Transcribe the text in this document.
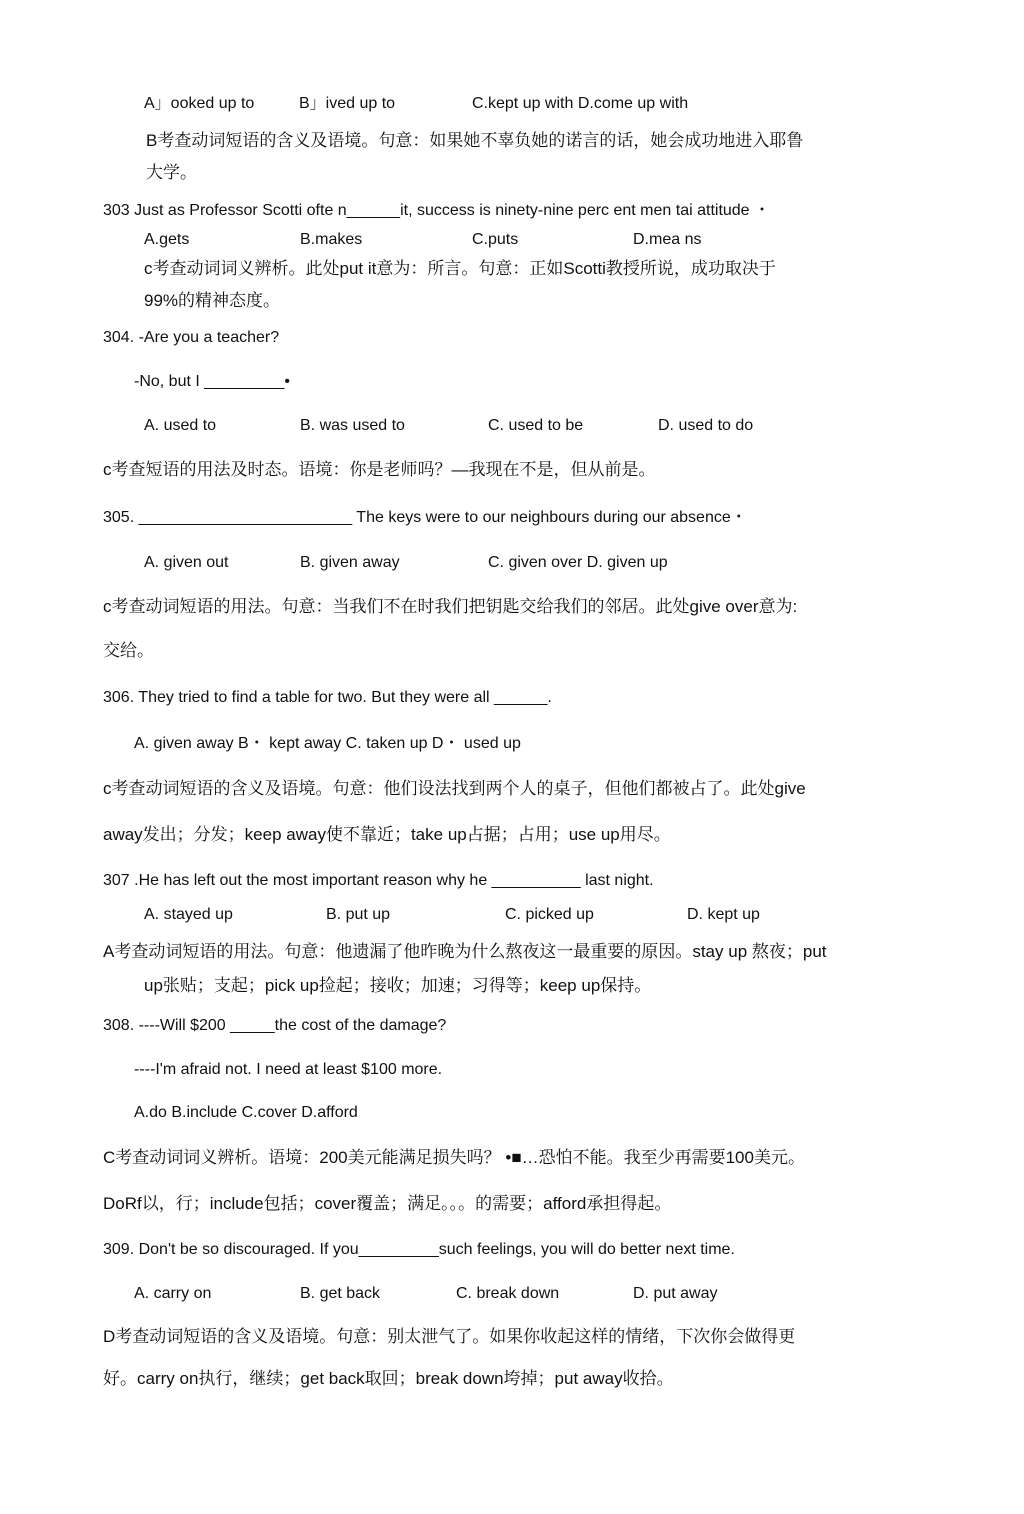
A」ooked up to	B」ived up to	C.kept up with D.come up with
B考查动词短语的含义及语境。句意：如果她不辜负她的诺言的话，她会成功地进入耶鲁
大学。
303 Just as Professor Scotti ofte n______it, success is ninety-nine perc ent men tai attitude ・
A.gets	B.makes	C.puts	D.mea ns
c考查动词词义辨析。此处put it意为：所言。句意：正如Scotti教授所说，成功取决于
99%的精神态度。
304. -Are you a teacher?
-No, but I _________•
A. used to	B. was used to	C. used to be	D. used to do
c考查短语的用法及时态。语境：你是老师吗？—我现在不是，但从前是。
305. ________________________ The keys were to our neighbours during our absence・
A. given out	B. given away	C. given over D. given up
c考查动词短语的用法。句意：当我们不在时我们把钥匙交给我们的邻居。此处give over意为:
交给。
306. They tried to find a table for two. But they were all ______.
A. given away B・ kept away C. taken up D・ used up
c考查动词短语的含义及语境。句意：他们设法找到两个人的桌子，但他们都被占了。此处give
away发出；分发；keep away使不靠近；take up占据；占用；use up用尽。
307 .He has left out the most important reason why he __________ last night.
A. stayed up	B. put up	C. picked up	D. kept up
A考查动词短语的用法。句意：他遗漏了他昨晚为什么熬夜这一最重要的原因。stay up 熬夜；put
up张贴；支起；pick up捡起；接收；加速；习得等；keep up保持。
308. ----Will $200 _____the cost of the damage?
----I'm afraid not. I need at least $100 more.
A.do B.include C.cover D.afford
C考查动词词义辨析。语境：200美元能满足损失吗？ •■…恐怕不能。我至少再需要100美元。
DoRf以，行；include包括；cover覆盖；满足。。。的需要；afford承担得起。
309. Don't be so discouraged. If you_________such feelings, you will do better next time.
A. carry on	B. get back	C. break down	D. put away
D考查动词短语的含义及语境。句意：别太泄气了。如果你收起这样的情绪，下次你会做得更
好。carry on执行，继续；get back取回；break down垮掉；put away收拾。
